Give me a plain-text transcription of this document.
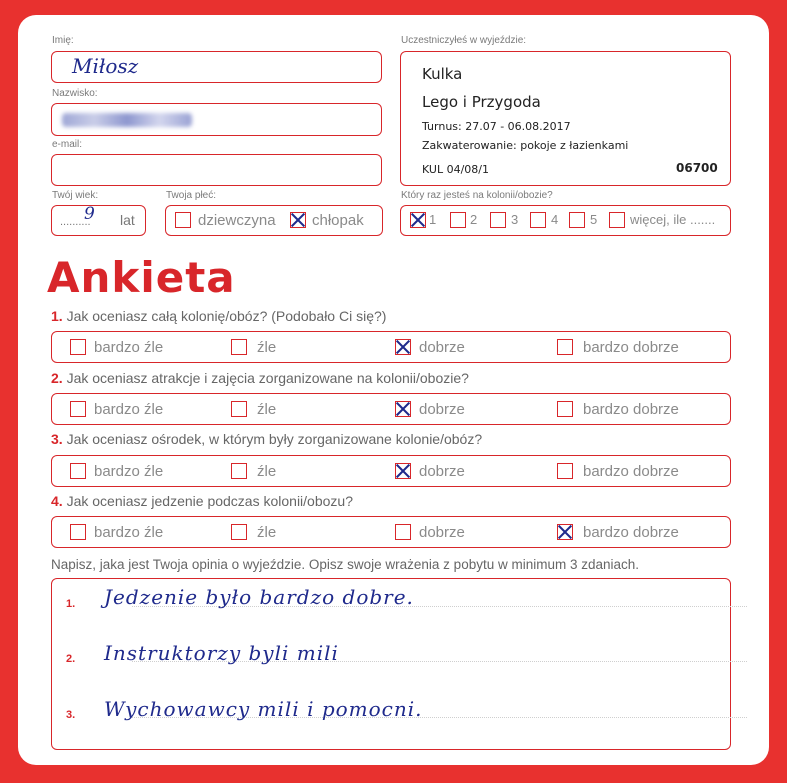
Imię:
Miłosz
Nazwisko:
e-mail:
Twój wiek:
..........
9 lat
Twoja płeć:
dziewczyna chłopak
Uczestniczyłeś w wyjeździe:
Kulka
Lego i Przygoda
Turnus: 27.07 - 06.08.2017
Zakwaterowanie: pokoje z łazienkami
KUL 04/08/1	06700
Który raz jesteś na kolonii/obozie?
1	2	3	4 5	więcej, ile .......
Ankieta
1. Jak oceniasz całą kolonię/obóz? (Podobało Ci się?)
bardzo źle	źle	dobrze	bardzo dobrze
2. Jak oceniasz atrakcje i zajęcia zorganizowane na kolonii/obozie?
bardzo źle	źle	dobrze	bardzo dobrze
3. Jak oceniasz ośrodek, w którym były zorganizowane kolonie/obóz?
bardzo źle	źle	dobrze	bardzo dobrze
4. Jak oceniasz jedzenie podczas kolonii/obozu?
bardzo źle	źle	dobrze	bardzo dobrze
Napisz, jaka jest Twoja opinia o wyjeździe. Opisz swoje wrażenia z pobytu w minimum 3 zdaniach.
1.
2.
3.
Jedzenie było bardzo dobre.
Instruktorzy byli mili
Wychowawcy mili i pomocni.
